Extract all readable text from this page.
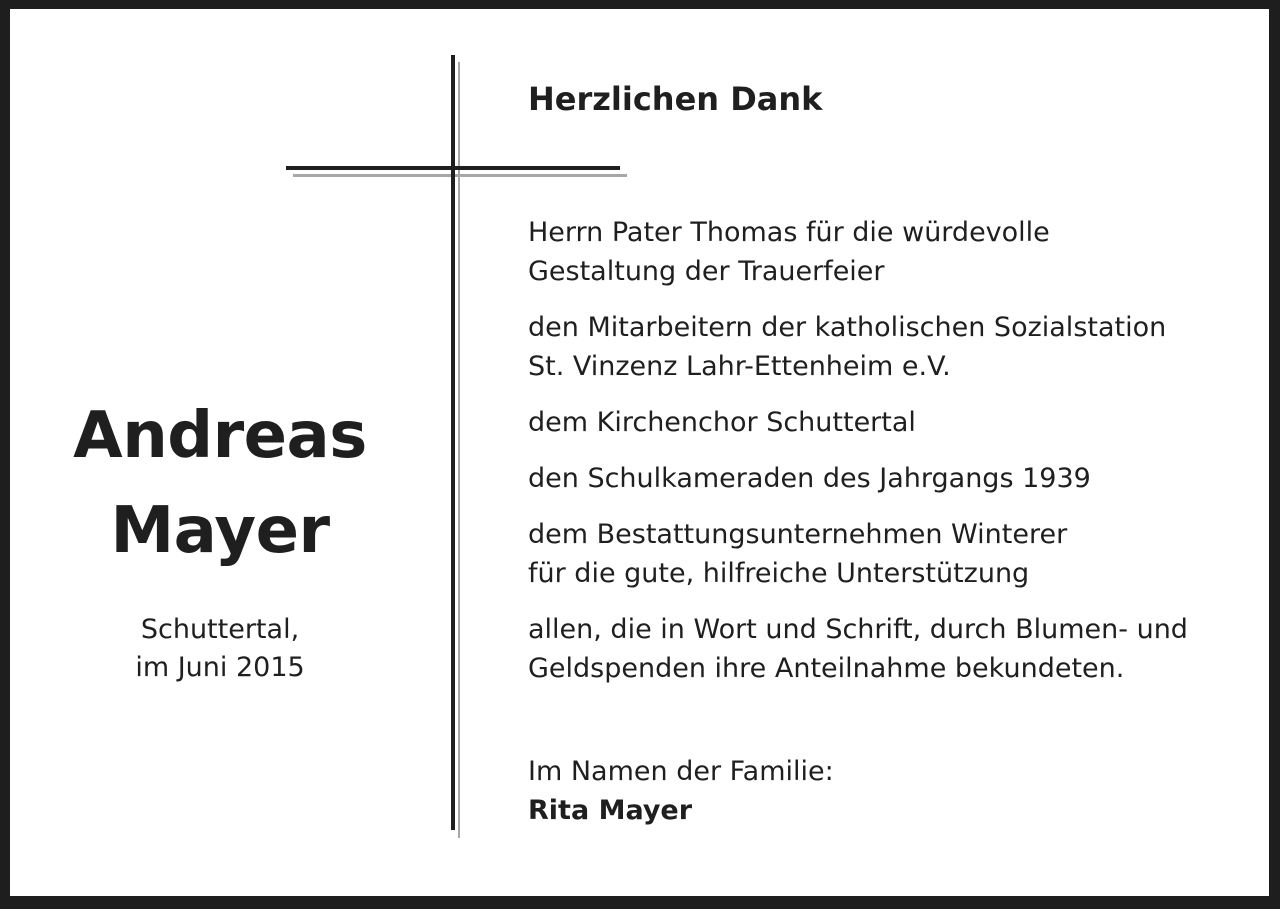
Andreas
Mayer
Schuttertal,
im Juni 2015
Herzlichen Dank
Herrn Pater Thomas für die würdevolle
Gestaltung der Trauerfeier
den Mitarbeitern der katholischen Sozialstation
St. Vinzenz Lahr-Ettenheim e.V.
dem Kirchenchor Schuttertal
den Schulkameraden des Jahrgangs 1939
dem Bestattungsunternehmen Winterer
für die gute, hilfreiche Unterstützung
allen, die in Wort und Schrift, durch Blumen- und
Geldspenden ihre Anteilnahme bekundeten.
Im Namen der Familie:
Rita Mayer
